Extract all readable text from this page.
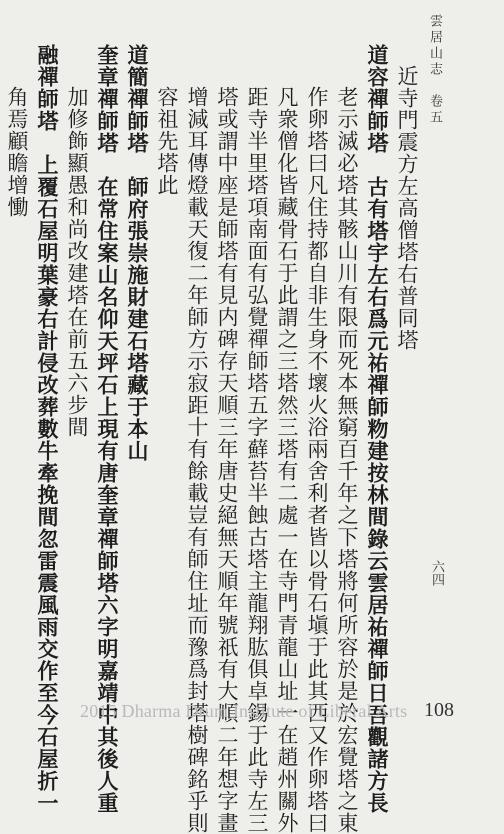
雲居山志　卷五
六四
近寺門震方左高僧塔右普同塔
道容禪師塔　古有塔宇左右爲元祐禪師粅建按林間錄云雲居祐禪師日吾觀諸方長
老示滅必塔其骸山川有限而死本無窮百千年之下塔將何所容於是於宏覺塔之東
作卵塔曰凡住持都自非生身不壞火浴兩舍利者皆以骨石塡于此其西又作卵塔曰
凡衆僧化皆藏骨石于此謂之三塔然三塔有二處一在寺門青龍山址一在趙州關外
距寺半里塔項南面有弘覺禪師塔五字蘚苔半蝕古塔主龍翔肱俱卓錫于此寺左三
塔或謂中座是師塔有見内碑存天順三年唐史絕無天順年號祇有大順二年想字畫
增減耳傳燈載天復二年師方示寂距十有餘載豈有師住址而豫爲封塔樹碑銘乎則
容祖先塔此
道簡禪師塔　師府張崇施財建石塔藏于本山
奎章禪師塔　在常住案山名仰天坪石上現有唐奎章禪師塔六字明嘉靖中其後人重
加修飾顯愚和尚改建塔在前五六步間
融禪師塔　上覆石屋明葉豪右計侵改葬數牛牽挽間忽雷震風雨交作至今石屋折一
角焉顧瞻增慟
2015 Dharma Drum Institute of Liberal Arts 108
